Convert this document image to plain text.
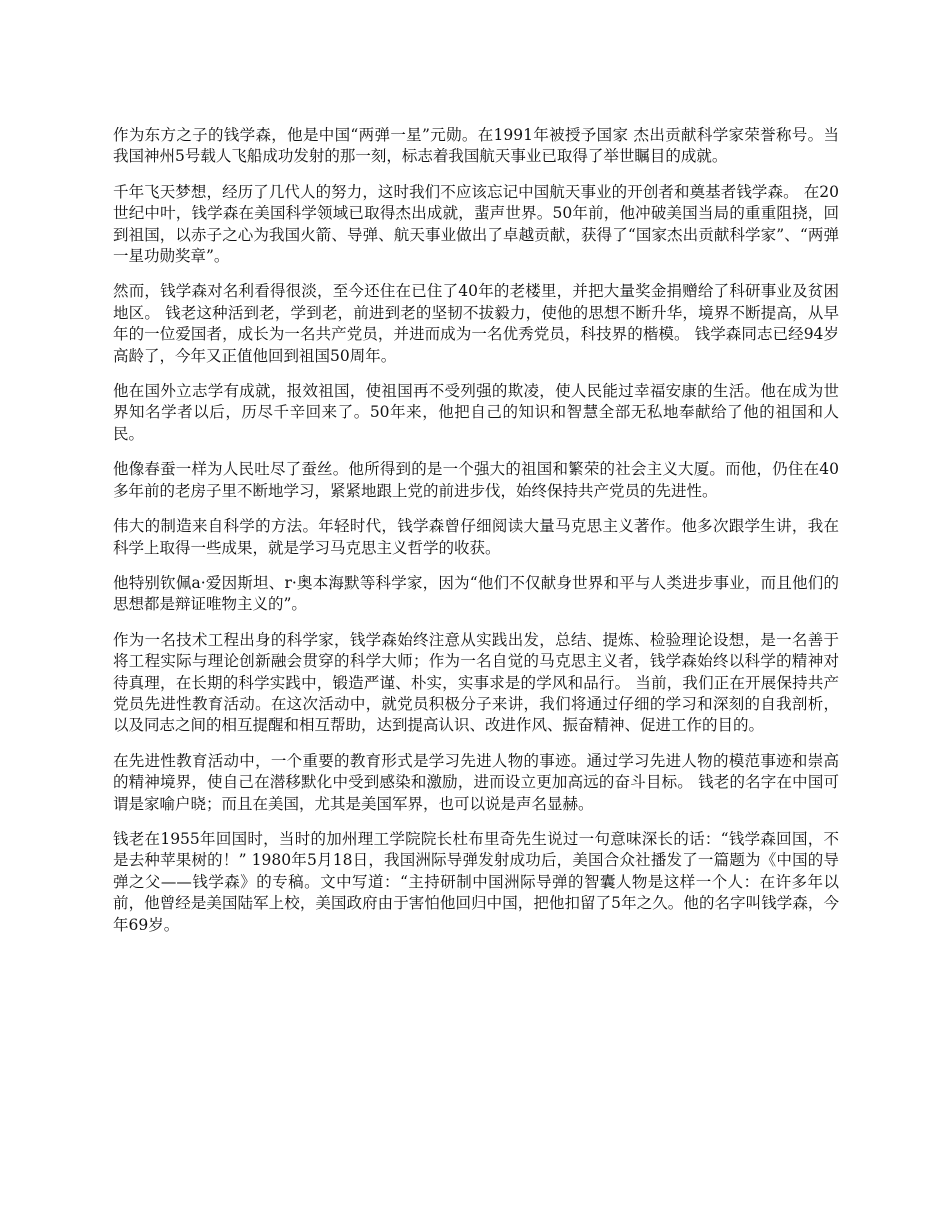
作为东方之子的钱学森，他是中国“两弹一星”元勋。在1991年被授予国家 杰出贡献科学家荣誉称号。当我国神州5号载人飞船成功发射的那一刻，标志着我国航天事业已取得了举世瞩目的成就。

千年飞天梦想，经历了几代人的努力，这时我们不应该忘记中国航天事业的开创者和奠基者钱学森。 在20世纪中叶，钱学森在美国科学领域已取得杰出成就，蜚声世界。50年前，他冲破美国当局的重重阻挠，回到祖国，以赤子之心为我国火箭、导弹、航天事业做出了卓越贡献，获得了“国家杰出贡献科学家”、“两弹一星功勋奖章”。

然而，钱学森对名利看得很淡，至今还住在已住了40年的老楼里，并把大量奖金捐赠给了科研事业及贫困地区。 钱老这种活到老，学到老，前进到老的坚韧不拔毅力，使他的思想不断升华，境界不断提高，从早年的一位爱国者，成长为一名共产党员，并进而成为一名优秀党员，科技界的楷模。 钱学森同志已经94岁高龄了，今年又正值他回到祖国50周年。

他在国外立志学有成就，报效祖国，使祖国再不受列强的欺凌，使人民能过幸福安康的生活。他在成为世界知名学者以后，历尽千辛回来了。50年来，他把自己的知识和智慧全部无私地奉献给了他的祖国和人民。

他像春蚕一样为人民吐尽了蚕丝。他所得到的是一个强大的祖国和繁荣的社会主义大厦。而他，仍住在40多年前的老房子里不断地学习，紧紧地跟上党的前进步伐，始终保持共产党员的先进性。

伟大的制造来自科学的方法。年轻时代，钱学森曾仔细阅读大量马克思主义著作。他多次跟学生讲，我在科学上取得一些成果，就是学习马克思主义哲学的收获。

他特别钦佩a·爱因斯坦、r·奥本海默等科学家，因为“他们不仅献身世界和平与人类进步事业，而且他们的思想都是辩证唯物主义的”。

作为一名技术工程出身的科学家，钱学森始终注意从实践出发，总结、提炼、检验理论设想，是一名善于将工程实际与理论创新融会贯穿的科学大师；作为一名自觉的马克思主义者，钱学森始终以科学的精神对待真理，在长期的科学实践中，锻造严谨、朴实，实事求是的学风和品行。 当前，我们正在开展保持共产党员先进性教育活动。在这次活动中，就党员积极分子来讲，我们将通过仔细的学习和深刻的自我剖析，以及同志之间的相互提醒和相互帮助，达到提高认识、改进作风、振奋精神、促进工作的目的。

在先进性教育活动中，一个重要的教育形式是学习先进人物的事迹。通过学习先进人物的模范事迹和崇高的精神境界，使自己在潜移默化中受到感染和激励，进而设立更加高远的奋斗目标。 钱老的名字在中国可谓是家喻户晓；而且在美国，尤其是美国军界，也可以说是声名显赫。

钱老在1955年回国时，当时的加州理工学院院长杜布里奇先生说过一句意味深长的话：“钱学森回国，不是去种苹果树的！” 1980年5月18日，我国洲际导弹发射成功后，美国合众社播发了一篇题为《中国的导弹之父——钱学森》的专稿。文中写道：“主持研制中国洲际导弹的智囊人物是这样一个人：在许多年以前，他曾经是美国陆军上校，美国政府由于害怕他回归中国，把他扣留了5年之久。他的名字叫钱学森，今年69岁。
